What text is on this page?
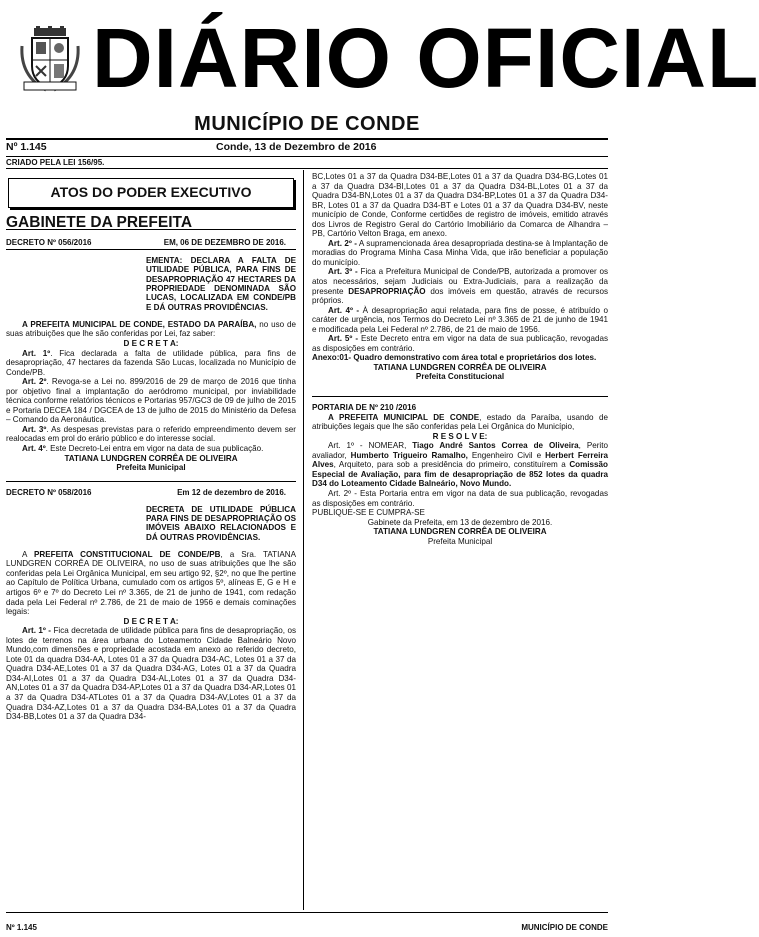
DIÁRIO OFICIAL
MUNICÍPIO DE CONDE
Nº 1.145	Conde, 13 de Dezembro de 2016
CRIADO PELA LEI 156/95.
ATOS DO PODER EXECUTIVO
GABINETE DA PREFEITA
DECRETO Nº 056/2016	EM, 06 DE DEZEMBRO DE 2016.
EMENTA: DECLARA A FALTA DE UTILIDADE PÚBLICA, PARA FINS DE DESAPROPRIAÇÃO 47 HECTARES DA PROPRIEDADE DENOMINADA SÃO LUCAS, LOCALIZADA EM CONDE/PB E DÁ OUTRAS PROVIDÊNCIAS.

A PREFEITA MUNICIPAL DE CONDE, ESTADO DA PARAÍBA, no uso de suas atribuições que lhe são conferidas por Lei, faz saber:

D E C R E T A:

Art. 1º. Fica declarada a falta de utilidade pública, para fins de desapropriação, 47 hectares da fazenda São Lucas, localizada no Município de Conde/PB.

Art. 2º. Revoga-se a Lei no. 899/2016 de 29 de março de 2016 que tinha por objetivo final a implantação do aeródromo municipal, por inviabilidade técnica conforme relatórios técnicos e Portarias 957/GC3 de 09 de julho de 2015 e Portaria DECEA 184 / DGCEA de 13 de julho de 2015 do Ministério da Defesa – Comando da Aeronáutica.

Art. 3º. As despesas previstas para o referido empreendimento devem ser realocadas em prol do erário público e do interesse social.

Art. 4º. Este Decreto-Lei entra em vigor na data de sua publicação.

TATIANA LUNDGREN CORRÊA DE OLIVEIRA

Prefeita Municipal

DECRETO Nº 058/2016	Em 12 de dezembro de 2016.
DECRETA DE UTILIDADE PÚBLICA PARA FINS DE DESAPROPRIAÇÃO OS IMÓVEIS ABAIXO RELACIONADOS E DÁ OUTRAS PROVIDÊNCIAS.

A PREFEITA CONSTITUCIONAL DE CONDE/PB, a Sra. TATIANA LUNDGREN CORRÊA DE OLIVEIRA, no uso de suas atribuições que lhe são conferidas pela Lei Orgânica Municipal, em seu artigo 92, §2º, no que lhe pertine ao Capítulo de Política Urbana, cumulado com os artigos 5º, alíneas E, G e H e artigos 6º e 7º do Decreto Lei nº 3.365, de 21 de junho de 1941, com redação dada pela Lei Federal nº 2.786, de 21 de maio de 1956 e demais cominações legais:

D E C R E T A:

Art. 1º - Fica decretada de utilidade pública para fins de desapropriação, os lotes de terrenos na área urbana do Loteamento Cidade Balneário Novo Mundo,com dimensões e propriedade acostada em anexo ao referido decreto, Lote 01 da quadra D34-AA, Lotes 01 a 37 da Quadra D34-AC, Lotes 01 a 37 da Quadra D34-AE,Lotes 01 a 37 da Quadra D34-AG, Lotes 01 a 37 da Quadra D34-AI,Lotes 01 a 37 da Quadra D34-AL,Lotes 01 a 37 da Quadra D34-AN,Lotes 01 a 37 da Quadra D34-AP,Lotes 01 a 37 da Quadra D34-AR,Lotes 01 a 37 da Quadra D34-ATLotes 01 a 37 da Quadra D34-AV,Lotes 01 a 37 da Quadra D34-AZ,Lotes 01 a 37 da Quadra D34-BA,Lotes 01 a 37 da Quadra D34-BB,Lotes 01 a 37 da Quadra D34-

BC,Lotes 01 a 37 da Quadra D34-BE,Lotes 01 a 37 da Quadra D34-BG,Lotes 01 a 37 da Quadra D34-BI,Lotes 01 a 37 da Quadra D34-BL,Lotes 01 a 37 da Quadra D34-BN,Lotes 01 a 37 da Quadra D34-BP,Lotes 01 a 37 da Quadra D34-BR, Lotes 01 a 37 da Quadra D34-BT e Lotes 01 a 37 da Quadra D34-BV, neste município de Conde, Conforme certidões de registro de imóveis, emitido através dos Livros de Registro Geral do Cartório Imobiliário da Comarca de Alhandra – PB, Cartório Velton Braga, em anexo.

Art. 2º - A supramencionada área desapropriada destina-se à Implantação de moradias do Programa Minha Casa Minha Vida, que irão beneficiar a população do município.

Art. 3º - Fica a Prefeitura Municipal de Conde/PB, autorizada a promover os atos necessários, sejam Judiciais ou Extra-Judiciais, para a realização da presente DESAPROPRIAÇÃO dos imóveis em questão, através de recursos próprios.

Art. 4º - À desapropriação aqui relatada, para fins de posse, é atribuído o caráter de urgência, nos Termos do Decreto Lei nº 3.365 de 21 de junho de 1941 e modificada pela Lei Federal nº 2.786, de 21 de maio de 1956.

Art. 5º - Este Decreto entra em vigor na data de sua publicação, revogadas as disposições em contrário.

Anexo:01- Quadro demonstrativo com área total e proprietários dos lotes.

TATIANA LUNDGREN CORRÊA DE OLIVEIRA

Prefeita Constitucional

PORTARIA DE Nº 210 /2016

A PREFEITA MUNICIPAL DE CONDE, estado da Paraíba, usando de atribuições legais que lhe são conferidas pela Lei Orgânica do Município,

R E S O L V E:

Art. 1º - NOMEAR, Tiago André Santos Correa de Oliveira, Perito avaliador, Humberto Trigueiro Ramalho, Engenheiro Civil e Herbert Ferreira Alves, Arquiteto, para sob a presidência do primeiro, constituírem a Comissão Especial de Avaliação, para fim de desapropriação de 852 lotes da quadra D34 do Loteamento Cidade Balneário, Novo Mundo.

Art. 2º - Esta Portaria entra em vigor na data de sua publicação, revogadas as disposições em contrário.

PUBLIQUE-SE E CUMPRA-SE

Gabinete da Prefeita, em 13 de dezembro de 2016.

TATIANA LUNDGREN CORRÊA DE OLIVEIRA

Prefeita Municipal

Nº 1.145	MUNICÍPIO DE CONDE
